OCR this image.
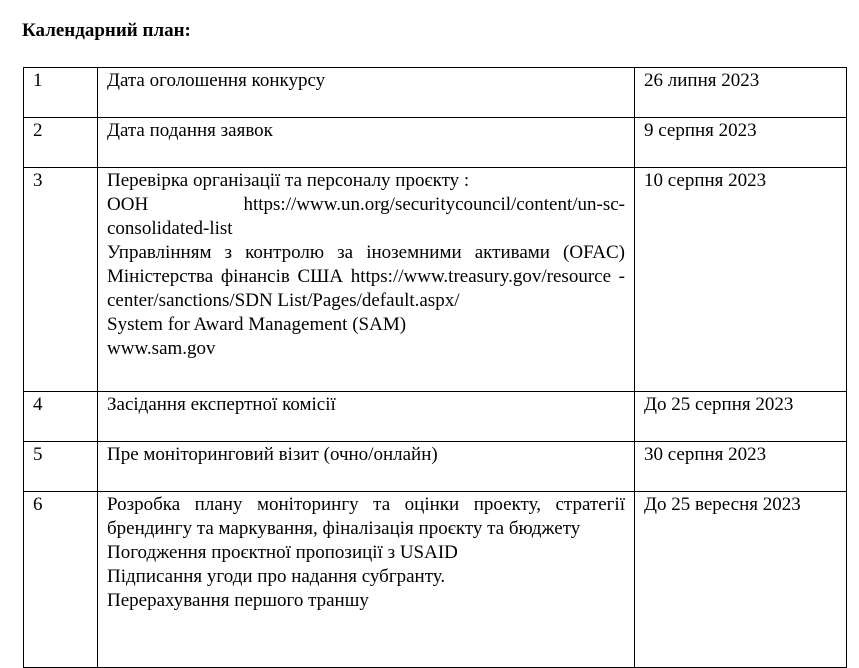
Календарний план:
1	Дата оголошення конкурсу	26 липня 2023
2	Дата подання заявок	9 серпня 2023
3	Перевірка організації та персоналу проєкту :

ООН https://www.un.org/securitycouncil/content/un-sc-consolidated-list

Управлінням з контролю за іноземними активами (OFAC) Міністерства фінансів США https://www.treasury.gov/resource -center/sanctions/SDN List/Pages/default.aspx/

System for Award Management (SAM)

www.sam.gov	10 серпня 2023
4	Засідання експертної комісії	До 25 серпня 2023
5	Пре моніторинговий візит (очно/онлайн)	30 серпня 2023
6	Розробка плану моніторингу та оцінки проекту, стратегії брендингу та маркування, фіналізація проєкту та бюджету

Погодження проєктної пропозиції з USAID

Підписання угоди про надання субгранту.

Перерахування першого траншу	До 25 вересня 2023
